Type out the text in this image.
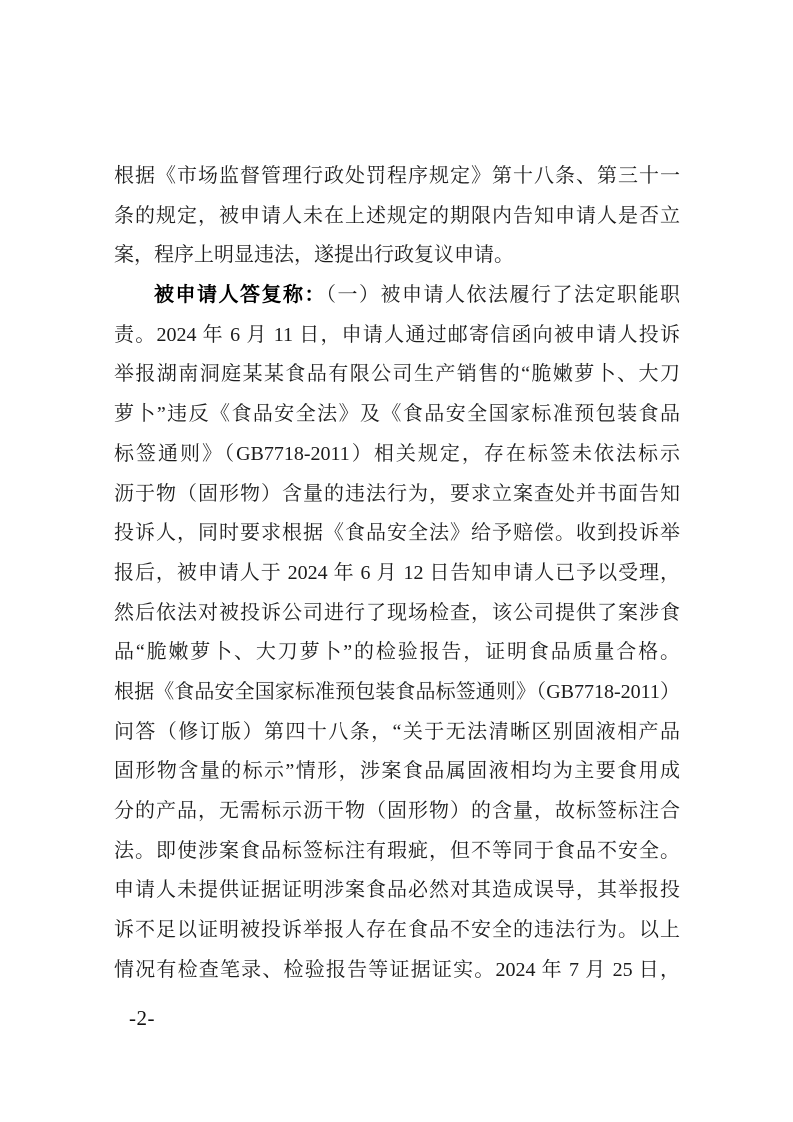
根据《市场监督管理行政处罚程序规定》第十八条、第三十一
条的规定，被申请人未在上述规定的期限内告知申请人是否立
案，程序上明显违法，遂提出行政复议申请。
被申请人答复称：（一）被申请人依法履行了法定职能职
责。2024 年 6 月 11 日，申请人通过邮寄信函向被申请人投诉
举报湖南洞庭某某食品有限公司生产销售的“脆嫩萝卜、大刀
萝卜”违反《食品安全法》及《食品安全国家标准预包装食品
标签通则》（GB7718-2011）相关规定，存在标签未依法标示
沥于物（固形物）含量的违法行为，要求立案查处并书面告知
投诉人，同时要求根据《食品安全法》给予赔偿。收到投诉举
报后，被申请人于 2024 年 6 月 12 日告知申请人已予以受理，
然后依法对被投诉公司进行了现场检查，该公司提供了案涉食
品“脆嫩萝卜、大刀萝卜”的检验报告，证明食品质量合格。
根据《食品安全国家标准预包装食品标签通则》（GB7718-2011）
问答（修订版）第四十八条，“关于无法清晰区别固液相产品
固形物含量的标示”情形，涉案食品属固液相均为主要食用成
分的产品，无需标示沥干物（固形物）的含量，故标签标注合
法。即使涉案食品标签标注有瑕疵，但不等同于食品不安全。
申请人未提供证据证明涉案食品必然对其造成误导，其举报投
诉不足以证明被投诉举报人存在食品不安全的违法行为。以上
情况有检查笔录、检验报告等证据证实。2024 年 7 月 25 日，
-2-
